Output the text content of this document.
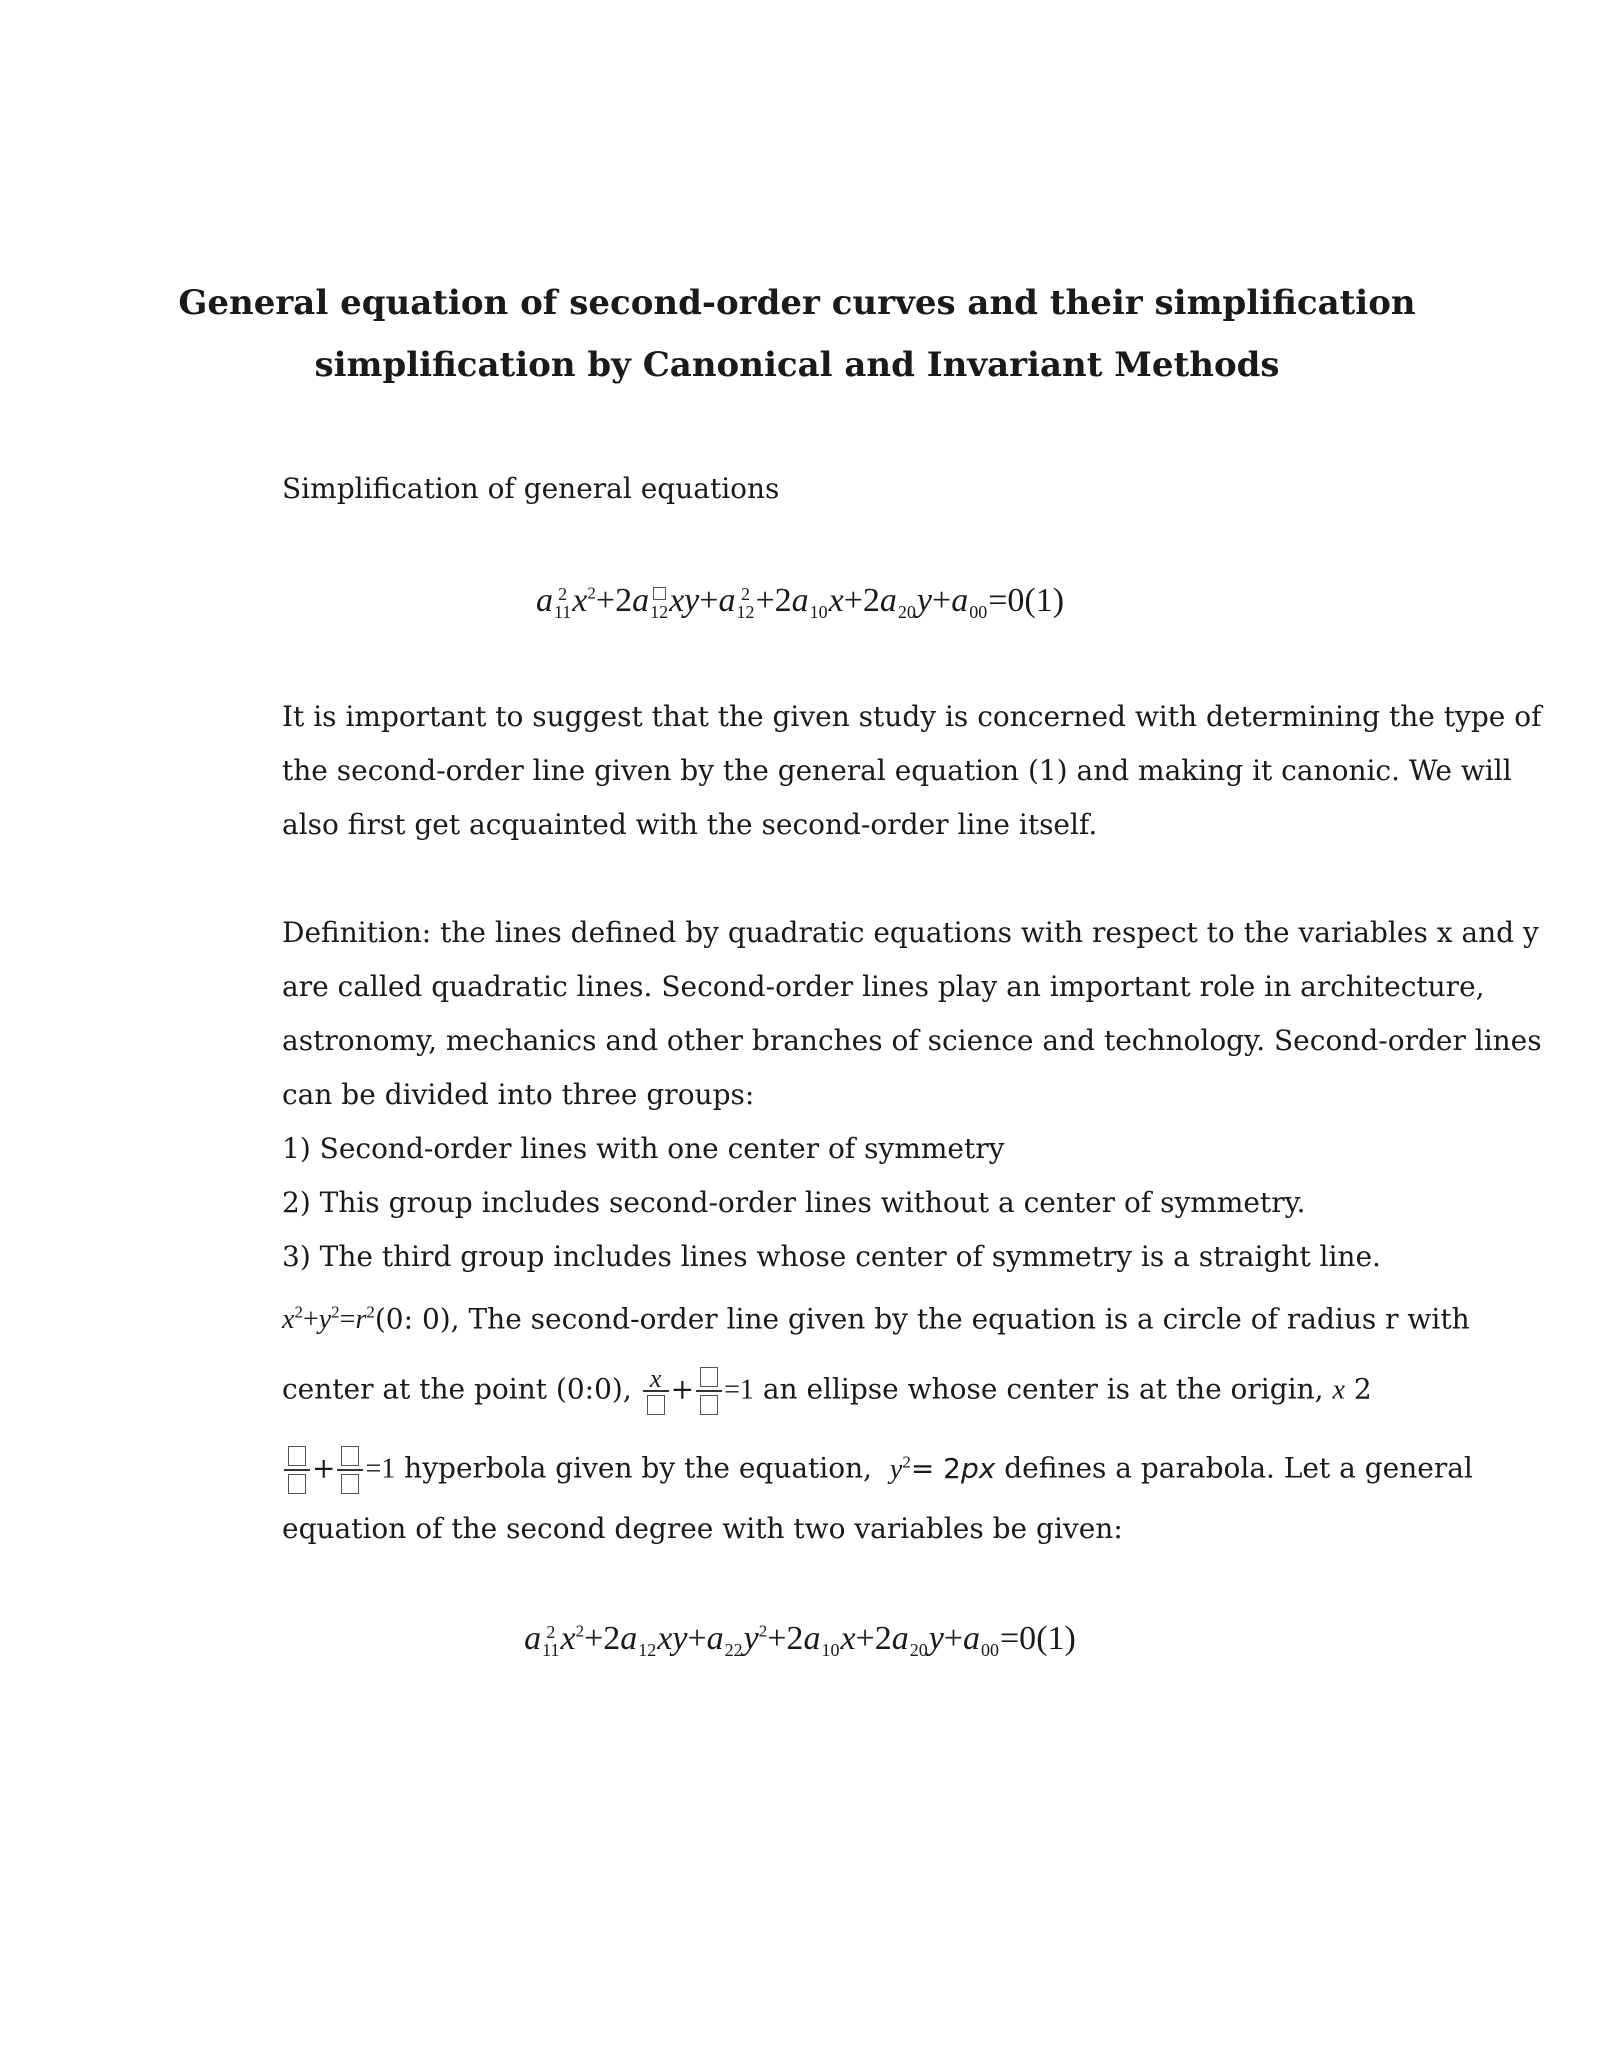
General equation of second-order curves and their simplification
simplification by Canonical and Invariant Methods
Simplification of general equations
a 2
11 $x^2+2a$ 12 xy+a 2
12 +2a
10 x+2a
20 y+a
00 =0(1)
It is important to suggest that the given study is concerned with determining the type of
the second-order line given by the general equation (1) and making it canonic. We will
also first get acquainted with the second-order line itself.
Definition: the lines defined by quadratic equations with respect to the variables x and y
are called quadratic lines. Second-order lines play an important role in architecture,
astronomy, mechanics and other branches of science and technology. Second-order lines
can be divided into three groups:
1) Second-order lines with one center of symmetry
2) This group includes second-order lines without a center of symmetry.
3) The third group includes lines whose center of symmetry is a straight line.
$x^2+y^2=r^2(0$: 0), The second-order line given by the equation is a circle of radius r with
center at the point (0:0), x + =1 an ellipse whose center is at the origin, x 2
+ =1 hyperbola given by the equation, $y^2= 2px$ defines a parabola. Let a general
equation of the second degree with two variables be given:
a 2
11 $x^2+2a$
12 xy+a
22 $y^2+2a$
10 x+2a
20 y+a
00 =0(1)
